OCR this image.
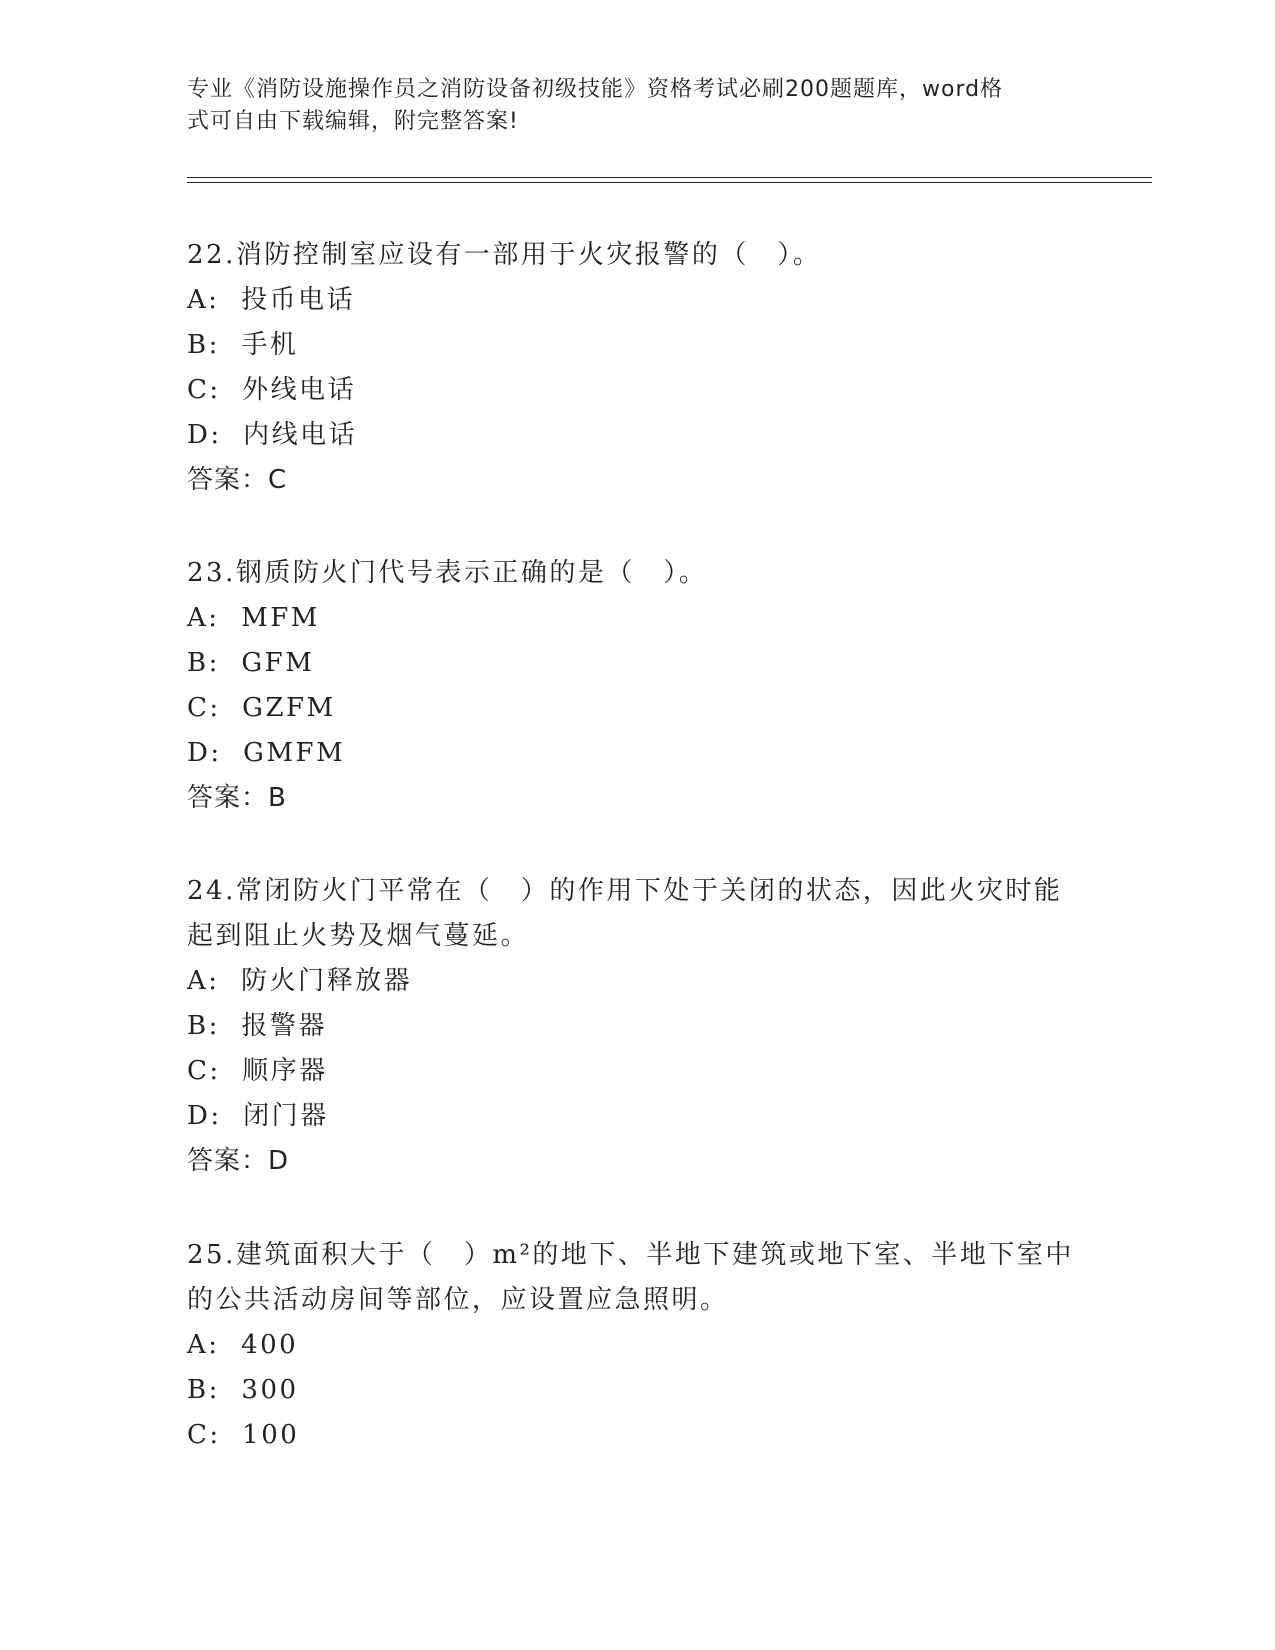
专业《消防设施操作员之消防设备初级技能》资格考试必刷200题题库，word格
式可自由下载编辑，附完整答案!
22.消防控制室应设有一部用于火灾报警的（　）。
A:  投币电话
B:  手机
C:  外线电话
D:  内线电话
答案：C
23.钢质防火门代号表示正确的是（　）。
A:  MFM
B:  GFM
C:  GZFM
D:  GMFM
答案：B
24.常闭防火门平常在（　）的作用下处于关闭的状态，因此火灾时能
起到阻止火势及烟气蔓延。
A:  防火门释放器
B:  报警器
C:  顺序器
D:  闭门器
答案：D
25.建筑面积大于（　）m²的地下、半地下建筑或地下室、半地下室中
的公共活动房间等部位，应设置应急照明。
A:  400
B:  300
C:  100
